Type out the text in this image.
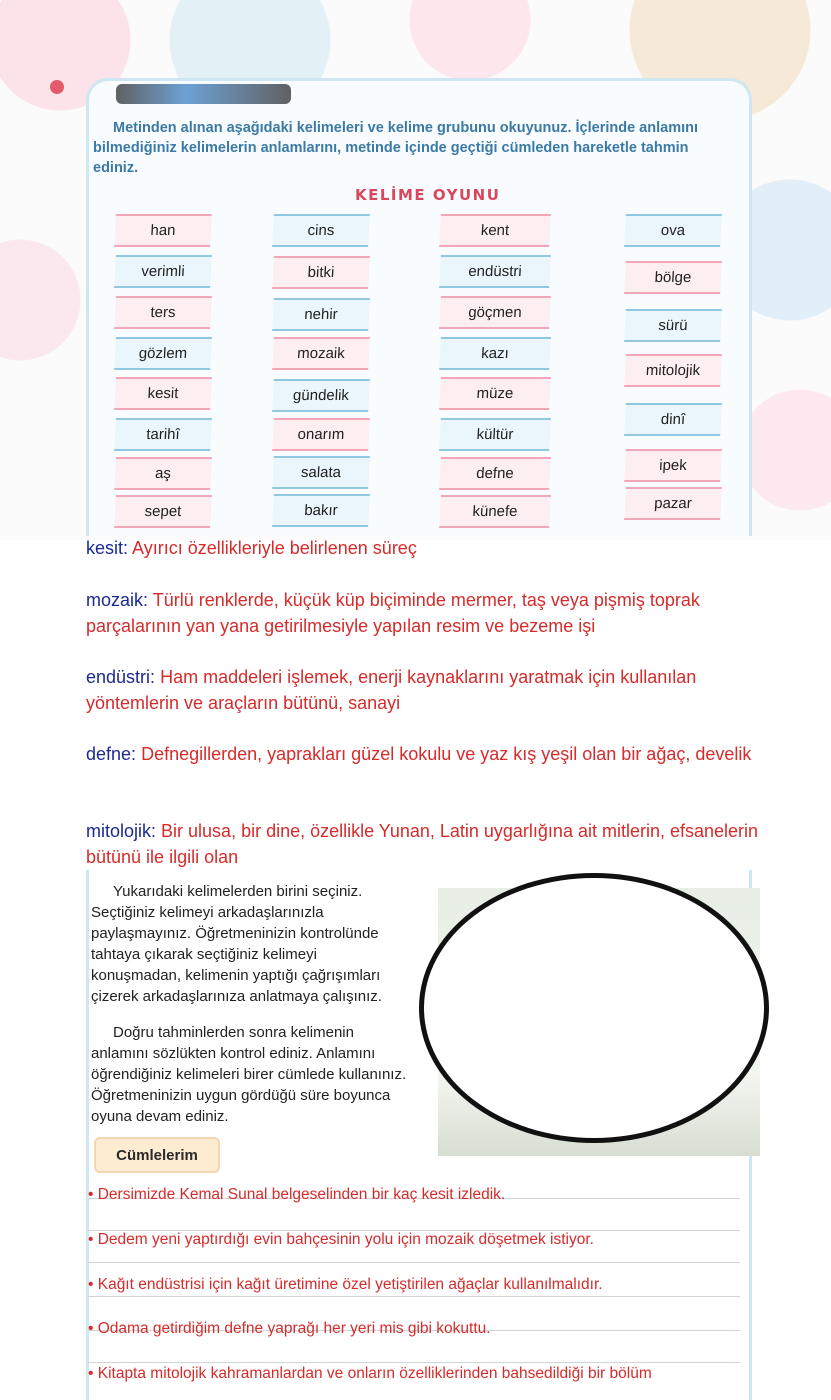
Metinden alınan aşağıdaki kelimeleri ve kelime grubunu okuyunuz. İçlerinde anlamını bilmediğiniz kelimelerin anlamlarını, metinde içinde geçtiği cümleden hareketle tahmin ediniz.

KELİME OYUNU

han
verimli
ters
gözlem
kesit
tarihî
aş
sepet
cins
bitki
nehir
mozaik
gündelik
onarım
salata
bakır
kent
endüstri
göçmen
kazı
müze
kültür
defne
künefe
ova
bölge
sürü
mitolojik
dinî
ipek
pazar

kesit: Ayırıcı özellikleriyle belirlenen süreç

mozaik: Türlü renklerde, küçük küp biçiminde mermer, taş veya pişmiş toprak parçalarının yan yana getirilmesiyle yapılan resim ve bezeme işi

endüstri: Ham maddeleri işlemek, enerji kaynaklarını yaratmak için kullanılan yöntemlerin ve araçların bütünü, sanayi

defne: Defnegillerden, yaprakları güzel kokulu ve yaz kış yeşil olan bir ağaç, develik

mitolojik: Bir ulusa, bir dine, özellikle Yunan, Latin uygarlığına ait mitlerin, efsanelerin bütünü ile ilgili olan

Yukarıdaki kelimelerden birini seçiniz. Seçtiğiniz kelimeyi arkadaşlarınızla paylaşmayınız. Öğretmeninizin kontrolünde tahtaya çıkarak seçtiğiniz kelimeyi konuşmadan, kelimenin yaptığı çağrışımları çizerek arkadaşlarınıza anlatmaya çalışınız.

Doğru tahminlerden sonra kelimenin anlamını sözlükten kontrol ediniz. Anlamını öğrendiğiniz kelimeleri birer cümlede kullanınız. Öğretmeninizin uygun gördüğü süre boyunca oyuna devam ediniz.

Cümlelerim

• Dersimizde Kemal Sunal belgeselinden bir kaç kesit izledik.

• Dedem yeni yaptırdığı evin bahçesinin yolu için mozaik döşetmek istiyor.

• Kağıt endüstrisi için kağıt üretimine özel yetiştirilen ağaçlar kullanılmalıdır.

• Odama getirdiğim defne yaprağı her yeri mis gibi kokuttu.

• Kitapta mitolojik kahramanlardan ve onların özelliklerinden bahsedildiği bir bölüm
